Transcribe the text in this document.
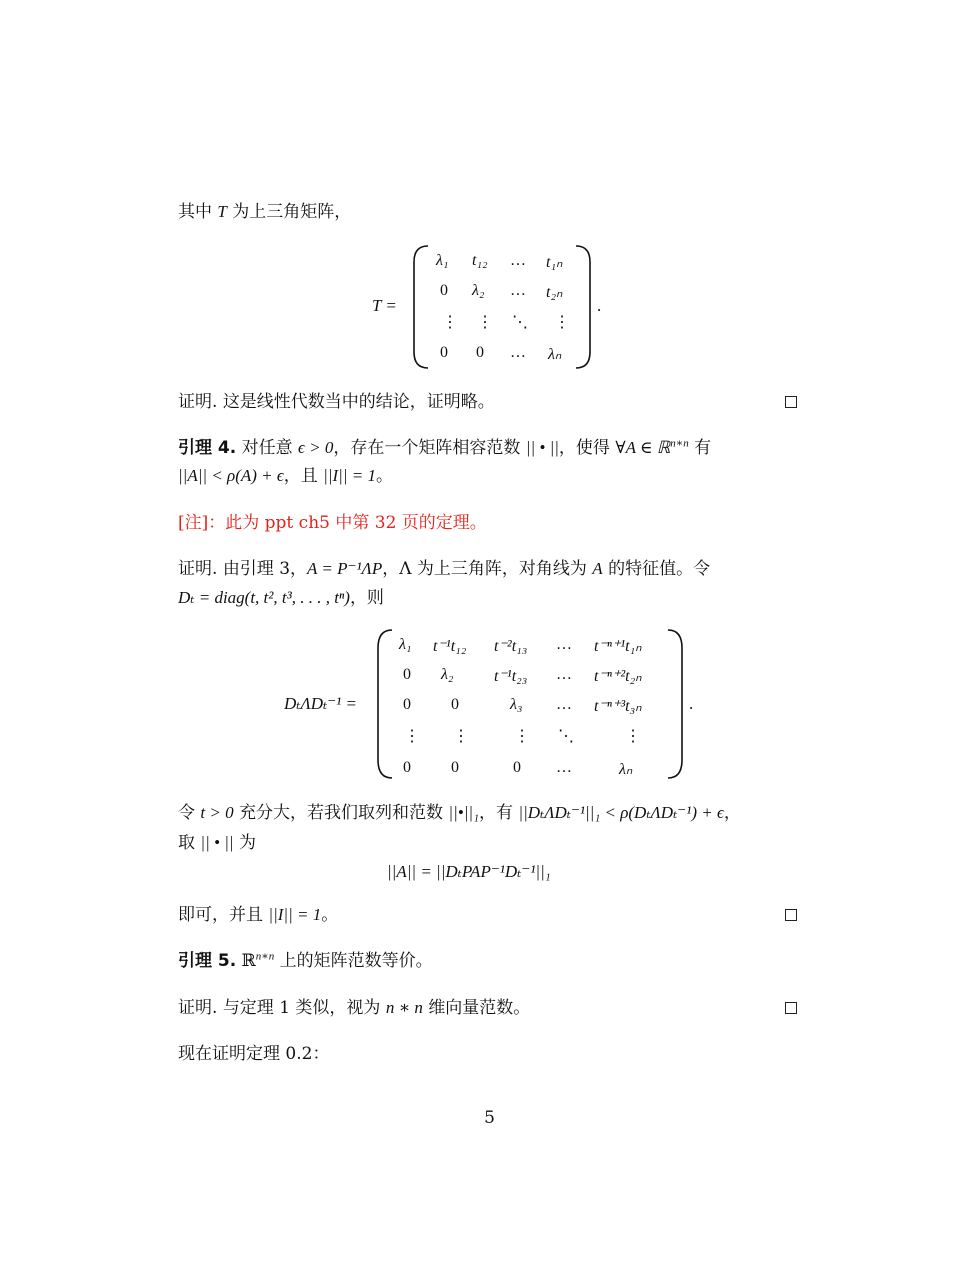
其中 T 为上三角矩阵，
T =
λ₁ t₁₂ … t₁ₙ
0 λ₂ … t₂ₙ
⋮ ⋮ ⋱ ⋮
0 0 … λₙ
.
证明. 这是线性代数当中的结论，证明略。
引理 4. 对任意 ϵ > 0，存在一个矩阵相容范数 || • ||，使得 ∀A ∈ ℝ$^{n∗n}$ 有
||A|| < ρ(A) + ϵ，且 ||I|| = 1。
[注]：此为 ppt ch5 中第 32 页的定理。
证明. 由引理 3，A = P⁻¹ΛP，Λ 为上三角阵，对角线为 A 的特征值。令
Dₜ = diag(t, t², t³, . . . , tⁿ)，则
DₜΛDₜ⁻¹ =
λ₁ t⁻¹t₁₂ t⁻²t₁₃ … t⁻ⁿ⁺¹t₁ₙ
0 λ₂	t⁻¹t₂₃ … t⁻ⁿ⁺²t₂ₙ
0	0	λ₃ … t⁻ⁿ⁺³t₃ₙ
⋮ ⋮	⋮ ⋱	⋮
0	0	0 …	λₙ
.
令 t > 0 充分大，若我们取列和范数 ||•||₁，有 ||DₜΛDₜ⁻¹||₁ < ρ(DₜΛDₜ⁻¹) + ϵ，
取 || • || 为
||A|| = ||DₜPAP⁻¹Dₜ⁻¹||₁
即可，并且 ||I|| = 1。
引理 5. ℝ$^{n∗n}$ 上的矩阵范数等价。
证明. 与定理 1 类似，视为 n ∗ n 维向量范数。
现在证明定理 0.2：
5
